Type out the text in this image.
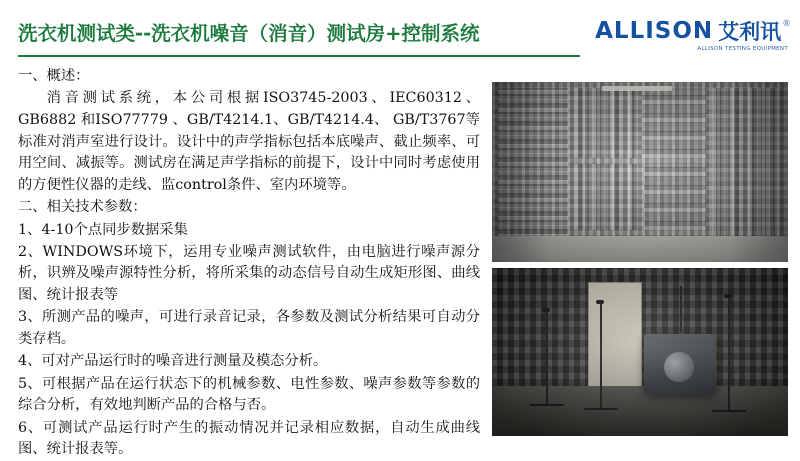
洗衣机测试类--洗衣机噪音（消音）测试房+控制系统	ALLISON 艾利讯 ®
ALLISON TESTING EQUIPMENT

一、概述：

消音测试系统，本公司根据ISO3745-2003、IEC60312、GB6882 和ISO77779 、GB/T4214.1、GB/T4214.4、 GB/T3767等标准对消声室进行设计。设计中的声学指标包括本底噪声、截止频率、可用空间、减振等。测试房在满足声学指标的前提下，设计中同时考虑使用的方便性仪器的走线、监control条件、室内环境等。

二、相关技术参数：

1、4-10个点同步数据采集

2、WINDOWS环境下，运用专业噪声测试软件，由电脑进行噪声源分析，识辨及噪声源特性分析，将所采集的动态信号自动生成矩形图、曲线图、统计报表等

3、所测产品的噪声，可进行录音记录，各参数及测试分析结果可自动分类存档。

4、可对产品运行时的噪音进行测量及模态分析。

5、可根据产品在运行状态下的机械参数、电性参数、噪声参数等参数的综合分析，有效地判断产品的合格与否。

6、可测试产品运行时产生的振动情况并记录相应数据，自动生成曲线图、统计报表等。
